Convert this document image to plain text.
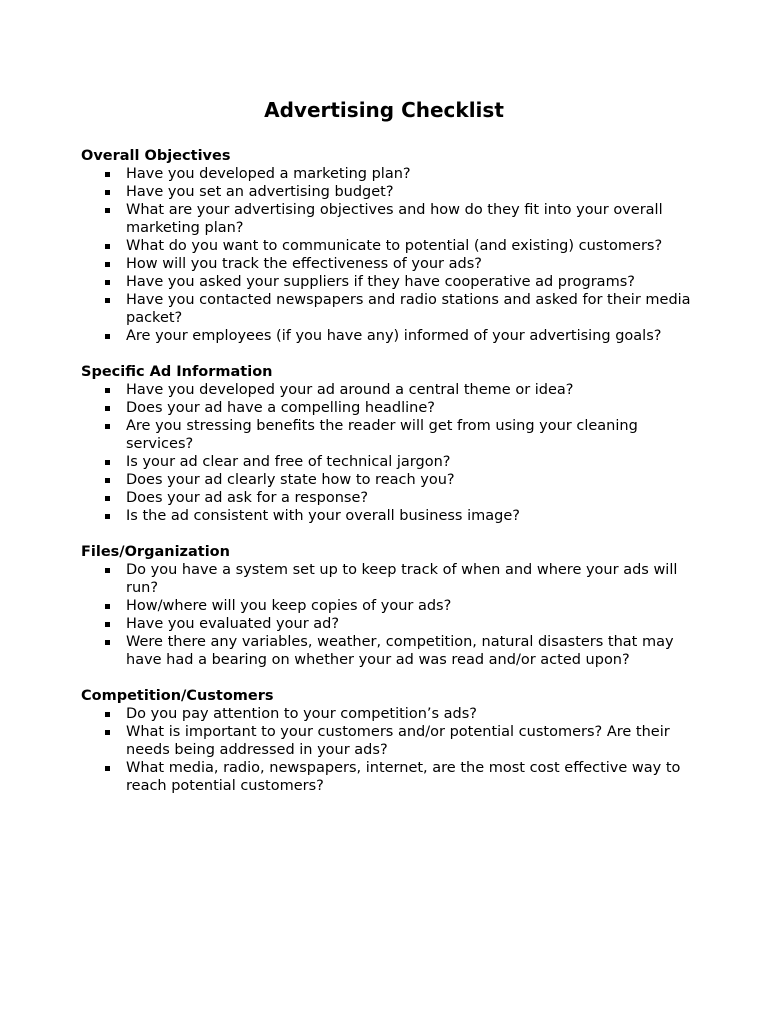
Advertising Checklist
Overall Objectives
Have you developed a marketing plan?
Have you set an advertising budget?
What are your advertising objectives and how do they fit into your overall marketing plan?
What do you want to communicate to potential (and existing) customers?
How will you track the effectiveness of your ads?
Have you asked your suppliers if they have cooperative ad programs?
Have you contacted newspapers and radio stations and asked for their media packet?
Are your employees (if you have any) informed of your advertising goals?
Specific Ad Information
Have you developed your ad around a central theme or idea?
Does your ad have a compelling headline?
Are you stressing benefits the reader will get from using your cleaning services?
Is your ad clear and free of technical jargon?
Does your ad clearly state how to reach you?
Does your ad ask for a response?
Is the ad consistent with your overall business image?
Files/Organization
Do you have a system set up to keep track of when and where your ads will run?
How/where will you keep copies of your ads?
Have you evaluated your ad?
Were there any variables, weather, competition, natural disasters that may have had a bearing on whether your ad was read and/or acted upon?
Competition/Customers
Do you pay attention to your competition’s ads?
What is important to your customers and/or potential customers? Are their needs being addressed in your ads?
What media, radio, newspapers, internet, are the most cost effective way to reach potential customers?
